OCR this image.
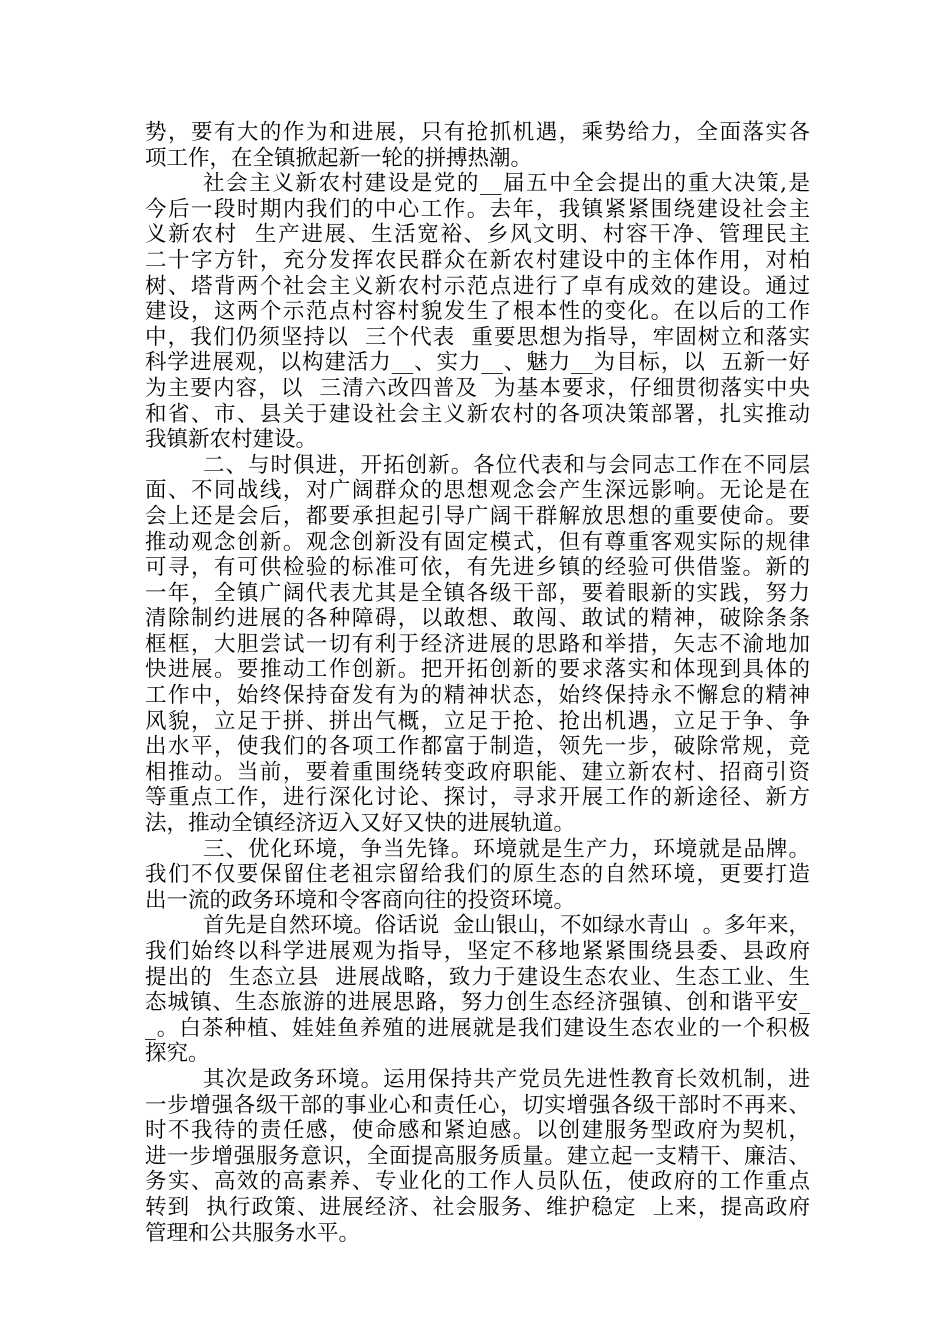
势，要有大的作为和进展，只有抢抓机遇，乘势给力，全面落实各
项工作，在全镇掀起新一轮的拼搏热潮。
社会主义新农村建设是党的__届五中全会提出的重大决策,是
今后一段时期内我们的中心工作。去年，我镇紧紧围绕建设社会主
义新农村  生产进展、生活宽裕、乡风文明、村容干净、管理民主
二十字方针，充分发挥农民群众在新农村建设中的主体作用，对柏
树、塔背两个社会主义新农村示范点进行了卓有成效的建设。通过
建设，这两个示范点村容村貌发生了根本性的变化。在以后的工作
中，我们仍须坚持以  三个代表  重要思想为指导，牢固树立和落实
科学进展观，以构建活力__、实力__、魅力__为目标，以  五新一好
为主要内容，以  三清六改四普及  为基本要求，仔细贯彻落实中央
和省、市、县关于建设社会主义新农村的各项决策部署，扎实推动
我镇新农村建设。
二、与时俱进，开拓创新。各位代表和与会同志工作在不同层
面、不同战线，对广阔群众的思想观念会产生深远影响。无论是在
会上还是会后，都要承担起引导广阔干群解放思想的重要使命。要
推动观念创新。观念创新没有固定模式，但有尊重客观实际的规律
可寻，有可供检验的标准可依，有先进乡镇的经验可供借鉴。新的
一年，全镇广阔代表尤其是全镇各级干部，要着眼新的实践，努力
清除制约进展的各种障碍，以敢想、敢闯、敢试的精神，破除条条
框框，大胆尝试一切有利于经济进展的思路和举措，矢志不渝地加
快进展。要推动工作创新。把开拓创新的要求落实和体现到具体的
工作中，始终保持奋发有为的精神状态，始终保持永不懈怠的精神
风貌，立足于拼、拼出气概，立足于抢、抢出机遇，立足于争、争
出水平，使我们的各项工作都富于制造，领先一步，破除常规，竞
相推动。当前，要着重围绕转变政府职能、建立新农村、招商引资
等重点工作，进行深化讨论、探讨，寻求开展工作的新途径、新方
法，推动全镇经济迈入又好又快的进展轨道。
三、优化环境，争当先锋。环境就是生产力，环境就是品牌。
我们不仅要保留住老祖宗留给我们的原生态的自然环境，更要打造
出一流的政务环境和令客商向往的投资环境。
首先是自然环境。俗话说  金山银山，不如绿水青山  。多年来，
我们始终以科学进展观为指导，坚定不移地紧紧围绕县委、县政府
提出的  生态立县  进展战略，致力于建设生态农业、生态工业、生
态城镇、生态旅游的进展思路，努力创生态经济强镇、创和谐平安_
_。白茶种植、娃娃鱼养殖的进展就是我们建设生态农业的一个积极
探究。
其次是政务环境。运用保持共产党员先进性教育长效机制，进
一步增强各级干部的事业心和责任心，切实增强各级干部时不再来、
时不我待的责任感，使命感和紧迫感。以创建服务型政府为契机，
进一步增强服务意识，全面提高服务质量。建立起一支精干、廉洁、
务实、高效的高素养、专业化的工作人员队伍，使政府的工作重点
转到  执行政策、进展经济、社会服务、维护稳定  上来，提高政府
管理和公共服务水平。
